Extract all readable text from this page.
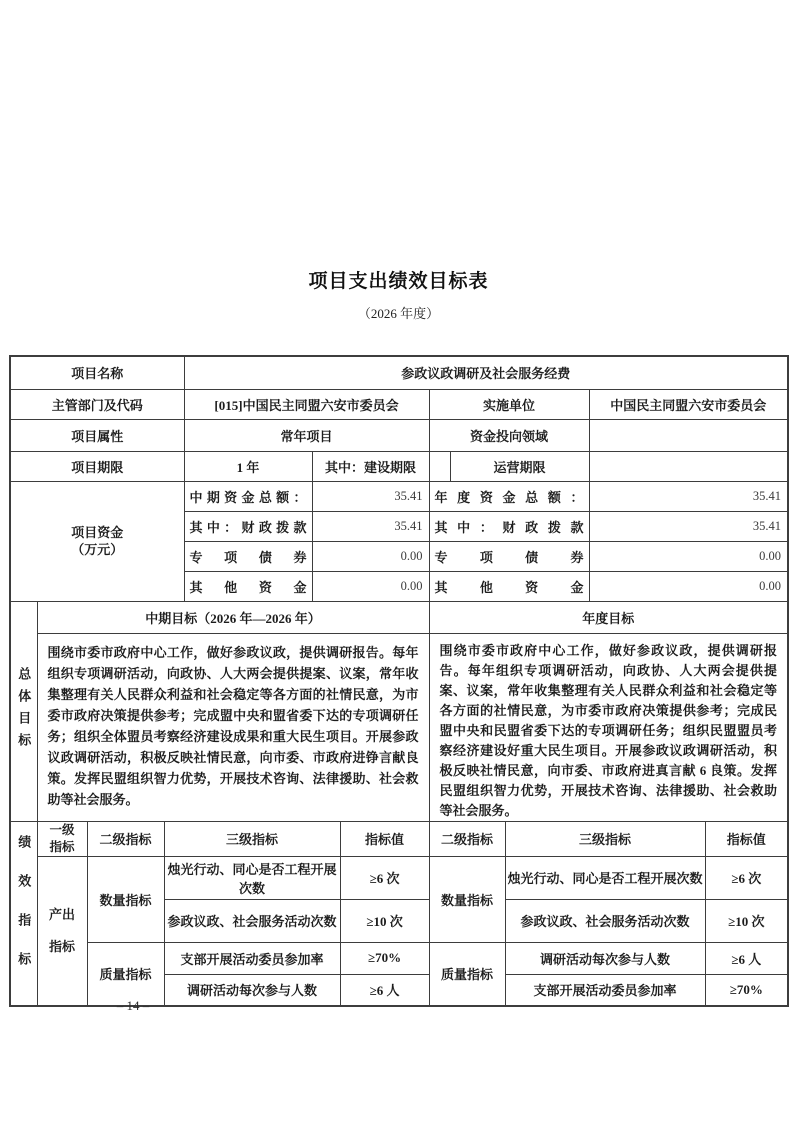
项目支出绩效目标表
（2026 年度）
项目名称				参政议政调研及社会服务经费							
主管部门及代码				[015]中国民主同盟六安市委员会			实施单位			中国民主同盟六安市委员会	
项目属性				常年项目			资金投向领域				
项目期限				1 年	其中：建设期限			运营期限			

项目资金
（万元）				中期资金总额：	35.41		年度资金总额：			35.41	
				其中：财政拨款	35.41		其中：财政拨款			35.41	
				专项债券	0.00		专项债券			0.00	
				其他资金	0.00		其他资金			0.00	
总体目标	中期目标（2026 年—2026 年）						年度目标				
围绕市委市政府中心工作，做好参政议政，提供调研报告。每年组织专项调研活动，向政协、人大两会提供提案、议案，常年收集整理有关人民群众利益和社会稳定等各方面的社情民意，为市委市政府决策提供参考；完成盟中央和盟省委下达的专项调研任务；组织全体盟员考察经济建设成果和重大民生项目。开展参政议政调研活动，积极反映社情民意，向市委、市政府进铮言献良策。发挥民盟组织智力优势，开展技术咨询、法律援助、社会救助等社会服务。	围绕市委市政府中心工作，做好参政议政，提供调研报告。每年组织专项调研活动，向政协、人大两会提供提案、议案，常年收集整理有关人民群众利益和社会稳定等各方面的社情民意，为市委市政府决策提供参考；完成民盟中央和民盟省委下达的专项调研任务；组织民盟盟员考察经济建设好重大民生项目。开展参政议政调研活动，积极反映社情民意，向市委、市政府进真言献 6 良策。发挥民盟组织智力优势，开展技术咨询、法律援助、社会救助等社会服务。
绩效指标	一级指标	二级指标	三级指标			指标值	二级指标		三级指标		指标值
	产出指标	数量指标	烛光行动、同心是否工程开展次数			≥6 次	数量指标		烛光行动、同心是否工程开展次数		≥6 次
			参政议政、社会服务活动次数			≥10 次			参政议政、社会服务活动次数		≥10 次
		质量指标	支部开展活动委员参加率			≥70%	质量指标		调研活动每次参与人数		≥6 人
			调研活动每次参与人数			≥6 人			支部开展活动委员参加率		≥70%
– 14 –
